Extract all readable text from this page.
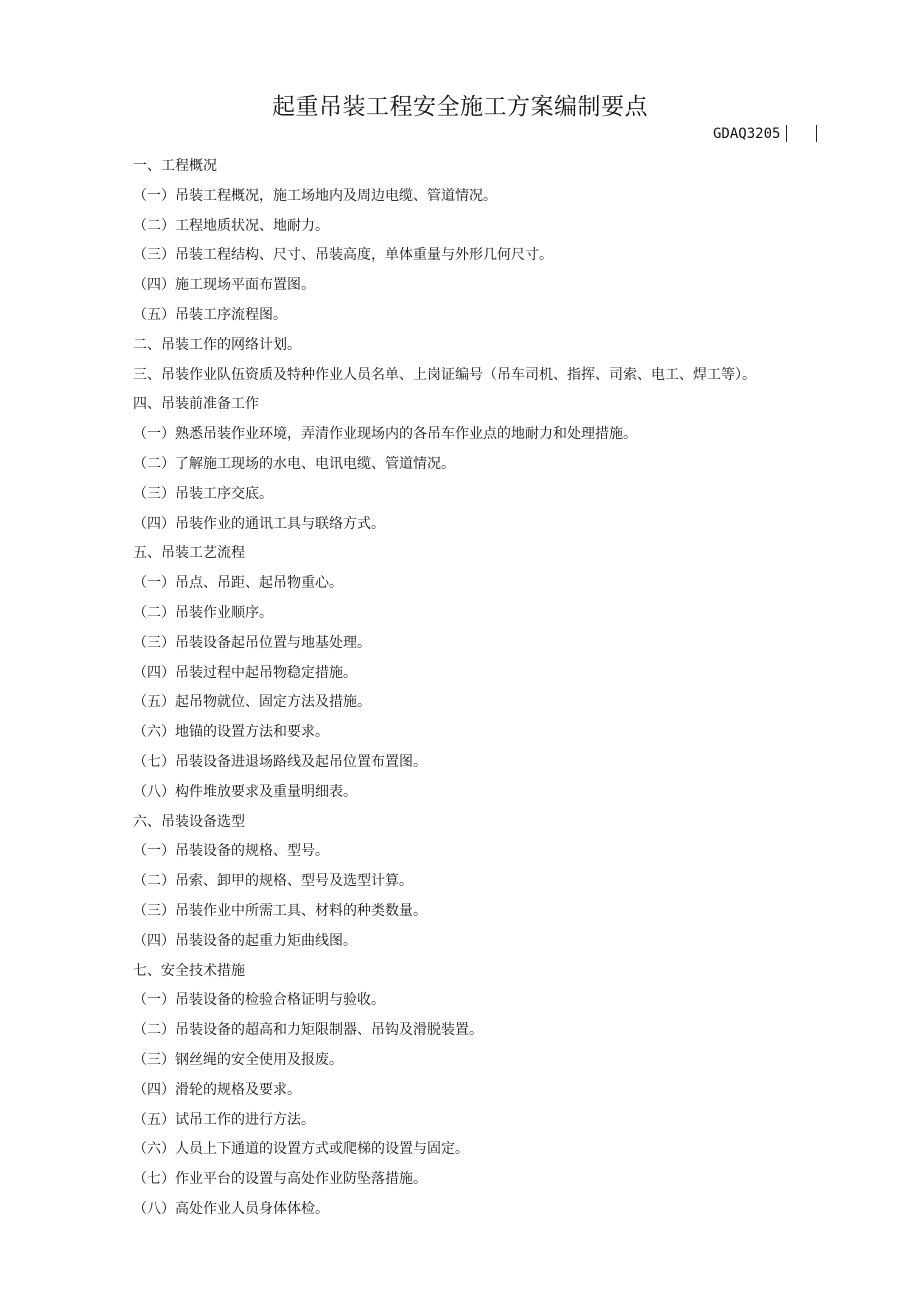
起重吊装工程安全施工方案编制要点
GDAQ3205
一、工程概况
（一）吊装工程概况，施工场地内及周边电缆、管道情况。
（二）工程地质状况、地耐力。
（三）吊装工程结构、尺寸、吊装高度，单体重量与外形几何尺寸。
（四）施工现场平面布置图。
（五）吊装工序流程图。
二、吊装工作的网络计划。
三、吊装作业队伍资质及特种作业人员名单、上岗证编号（吊车司机、指挥、司索、电工、焊工等）。
四、吊装前准备工作
（一）熟悉吊装作业环境，弄清作业现场内的各吊车作业点的地耐力和处理措施。
（二）了解施工现场的水电、电讯电缆、管道情况。
（三）吊装工序交底。
（四）吊装作业的通讯工具与联络方式。
五、吊装工艺流程
（一）吊点、吊距、起吊物重心。
（二）吊装作业顺序。
（三）吊装设备起吊位置与地基处理。
（四）吊装过程中起吊物稳定措施。
（五）起吊物就位、固定方法及措施。
（六）地锚的设置方法和要求。
（七）吊装设备进退场路线及起吊位置布置图。
（八）构件堆放要求及重量明细表。
六、吊装设备选型
（一）吊装设备的规格、型号。
（二）吊索、卸甲的规格、型号及选型计算。
（三）吊装作业中所需工具、材料的种类数量。
（四）吊装设备的起重力矩曲线图。
七、安全技术措施
（一）吊装设备的检验合格证明与验收。
（二）吊装设备的超高和力矩限制器、吊钩及滑脱装置。
（三）钢丝绳的安全使用及报废。
（四）滑轮的规格及要求。
（五）试吊工作的进行方法。
（六）人员上下通道的设置方式或爬梯的设置与固定。
（七）作业平台的设置与高处作业防坠落措施。
（八）高处作业人员身体体检。
